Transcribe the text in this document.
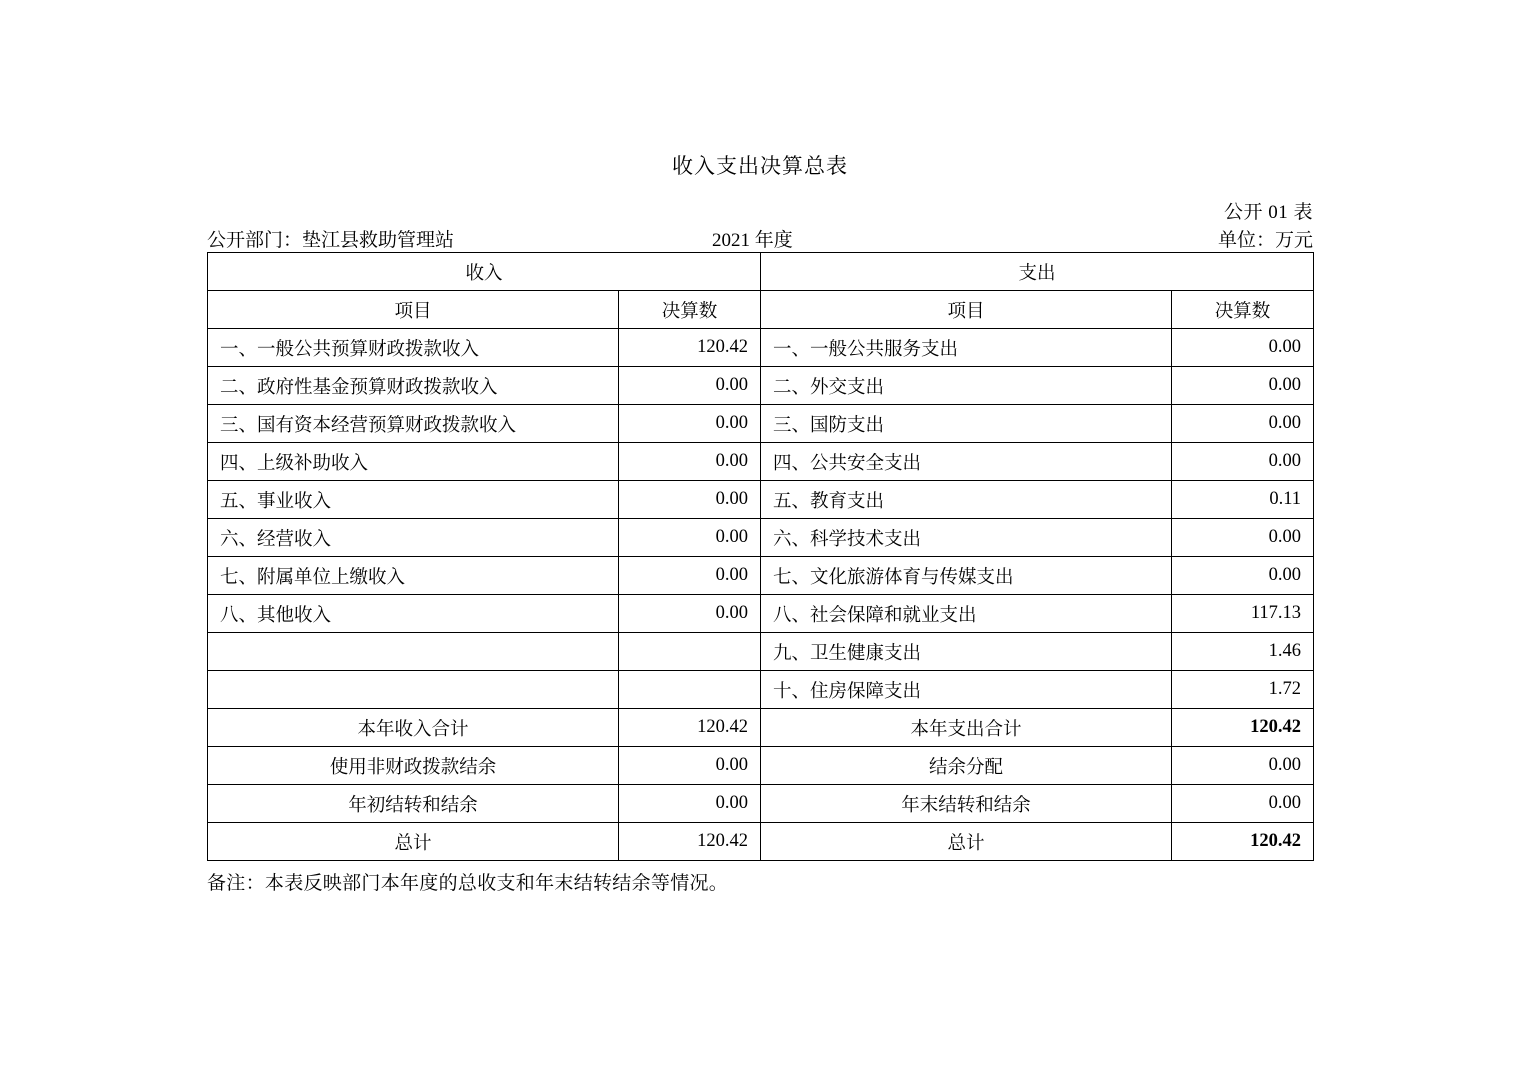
收入支出决算总表
公开 01 表
公开部门：垫江县救助管理站	2021 年度	单位：万元
收入		支出	
项目	决算数	项目	决算数
一、一般公共预算财政拨款收入	120.42	一、一般公共服务支出	0.00
二、政府性基金预算财政拨款收入	0.00	二、外交支出	0.00
三、国有资本经营预算财政拨款收入	0.00	三、国防支出	0.00
四、上级补助收入	0.00	四、公共安全支出	0.00
五、事业收入	0.00	五、教育支出	0.11
六、经营收入	0.00	六、科学技术支出	0.00
七、附属单位上缴收入	0.00	七、文化旅游体育与传媒支出	0.00
八、其他收入	0.00	八、社会保障和就业支出	117.13
		九、卫生健康支出	1.46
		十、住房保障支出	1.72
本年收入合计	120.42	本年支出合计	120.42
使用非财政拨款结余	0.00	结余分配	0.00
年初结转和结余	0.00	年末结转和结余	0.00
总计	120.42	总计	120.42
备注：本表反映部门本年度的总收支和年末结转结余等情况。
